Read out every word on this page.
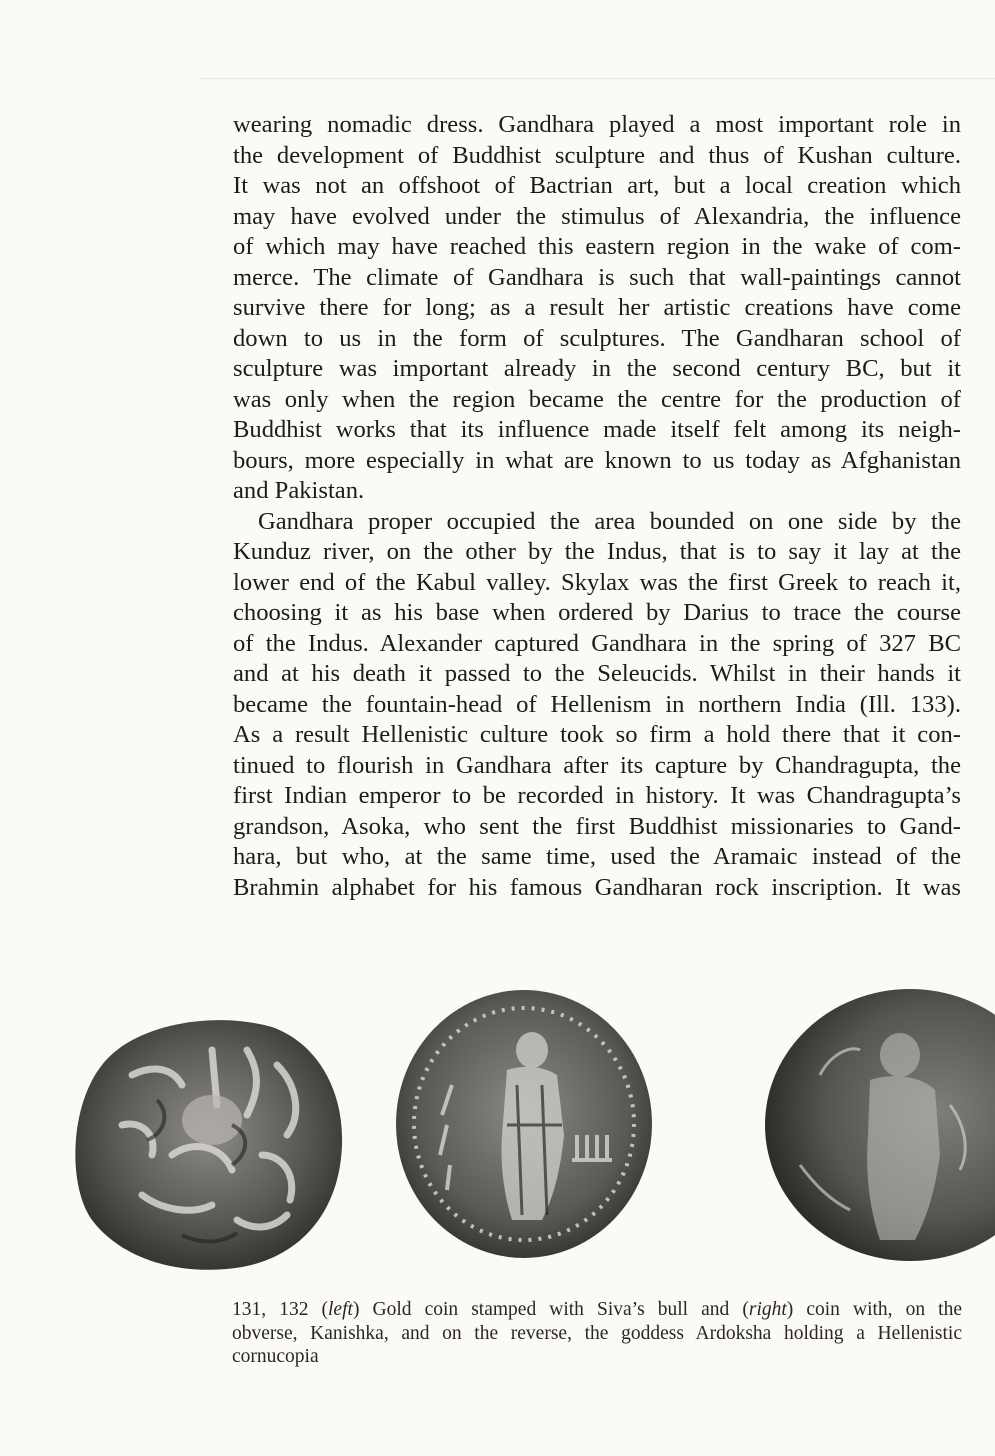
wearing nomadic dress. Gandhara played a most important role in
the development of Buddhist sculpture and thus of Kushan culture.
It was not an offshoot of Bactrian art, but a local creation which
may have evolved under the stimulus of Alexandria, the influence
of which may have reached this eastern region in the wake of com-
merce. The climate of Gandhara is such that wall-paintings cannot
survive there for long; as a result her artistic creations have come
down to us in the form of sculptures. The Gandharan school of
sculpture was important already in the second century BC, but it
was only when the region became the centre for the production of
Buddhist works that its influence made itself felt among its neigh-
bours, more especially in what are known to us today as Afghanistan
and Pakistan.
Gandhara proper occupied the area bounded on one side by the
Kunduz river, on the other by the Indus, that is to say it lay at the
lower end of the Kabul valley. Skylax was the first Greek to reach it,
choosing it as his base when ordered by Darius to trace the course
of the Indus. Alexander captured Gandhara in the spring of 327 BC
and at his death it passed to the Seleucids. Whilst in their hands it
became the fountain-head of Hellenism in northern India (Ill. 133).
As a result Hellenistic culture took so firm a hold there that it con-
tinued to flourish in Gandhara after its capture by Chandragupta, the
first Indian emperor to be recorded in history. It was Chandragupta’s
grandson, Asoka, who sent the first Buddhist missionaries to Gand-
hara, but who, at the same time, used the Aramaic instead of the
Brahmin alphabet for his famous Gandharan rock inscription. It was
131, 132 (left) Gold coin stamped with Siva’s bull and (right) coin with, on the
obverse, Kanishka, and on the reverse, the goddess Ardoksha holding a Hellenistic
cornucopia
